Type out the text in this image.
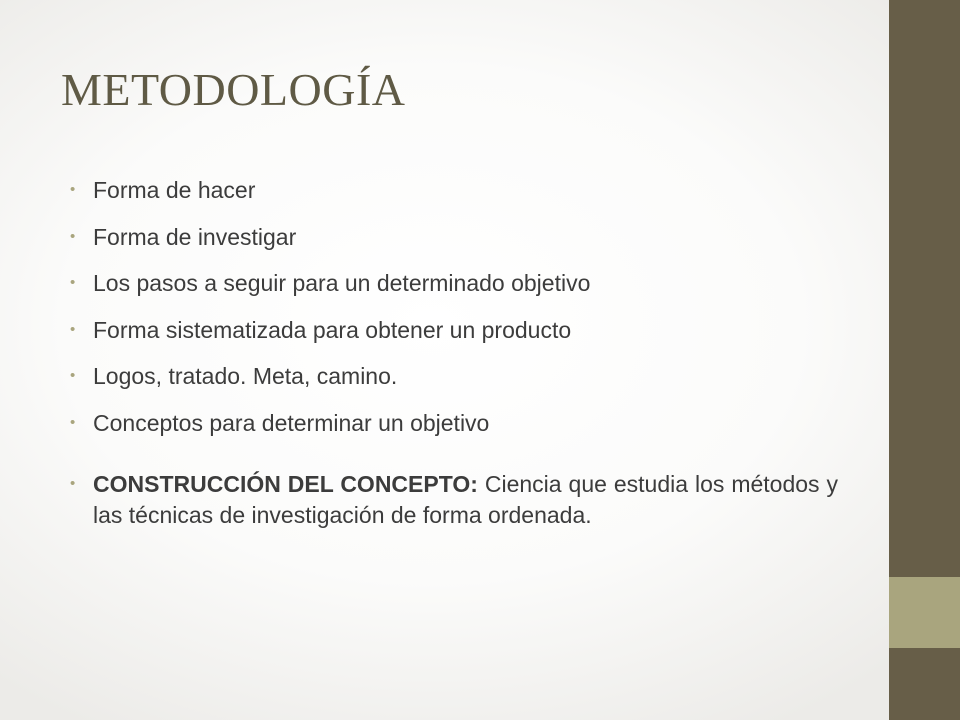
METODOLOGÍA
• Forma de hacer
• Forma de investigar
• Los pasos a seguir para un determinado objetivo
• Forma sistematizada para obtener un producto
• Logos, tratado. Meta, camino.
• Conceptos para determinar un objetivo
• CONSTRUCCIÓN DEL CONCEPTO: Ciencia que estudia los métodos y las técnicas de investigación de forma ordenada.
